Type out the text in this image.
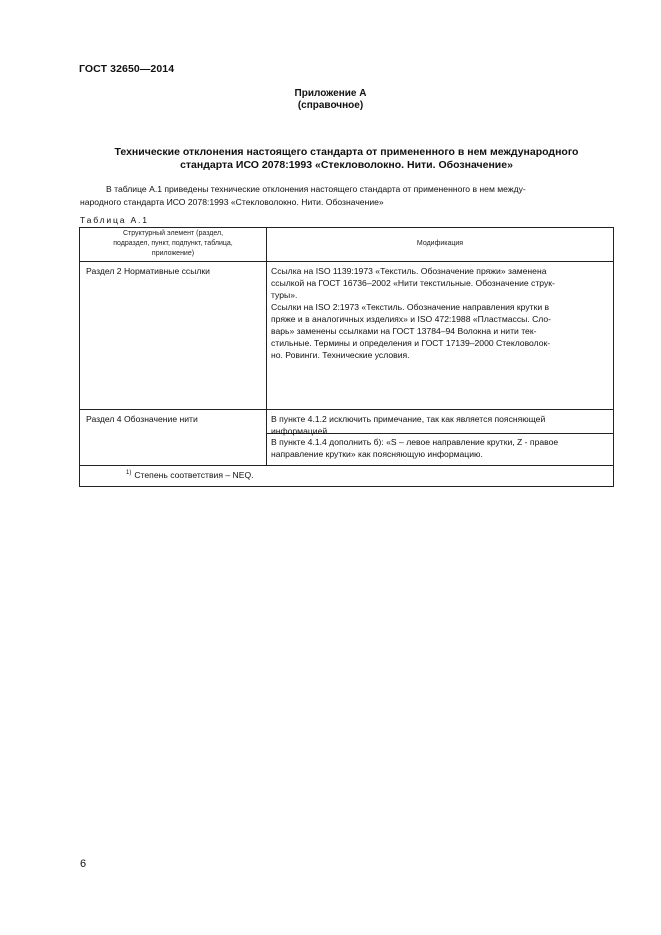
ГОСТ 32650—2014
Приложение А
(справочное)
Технические отклонения настоящего стандарта от примененного в нем международного
стандарта ИСО 2078:1993 «Стекловолокно. Нити. Обозначение»
В таблице А.1 приведены технические отклонения настоящего стандарта от примененного в нем между-
народного стандарта ИСО 2078:1993 «Стекловолокно. Нити. Обозначение»
Таблица А.1
Структурный элемент (раздел,
подраздел, пункт, подпункт, таблица,
приложение)
Модификация
Раздел 2 Нормативные ссылки	Ссылка на ISO 1139:1973 «Текстиль. Обозначение пряжи» заменена
ссылкой на ГОСТ 16736–2002 «Нити текстильные. Обозначение струк-
туры».
Ссылки на ISO 2:1973 «Текстиль. Обозначение направления крутки в
пряже и в аналогичных изделиях» и ISO 472:1988 «Пластмассы. Сло-
варь» заменены ссылками на ГОСТ 13784–94 Волокна и нити тек-
стильные. Термины и определения и ГОСТ 17139–2000 Стекловолок-
но. Ровинги. Технические условия.
Раздел 4 Обозначение нити	В пункте 4.1.2 исключить примечание, так как является поясняющей
информацией.
В пункте 4.1.4 дополнить б): «S – левое направление крутки, Z - правое
направление крутки» как поясняющую информацию.
$^{1)}$ Степень соответствия – NEQ.
6
